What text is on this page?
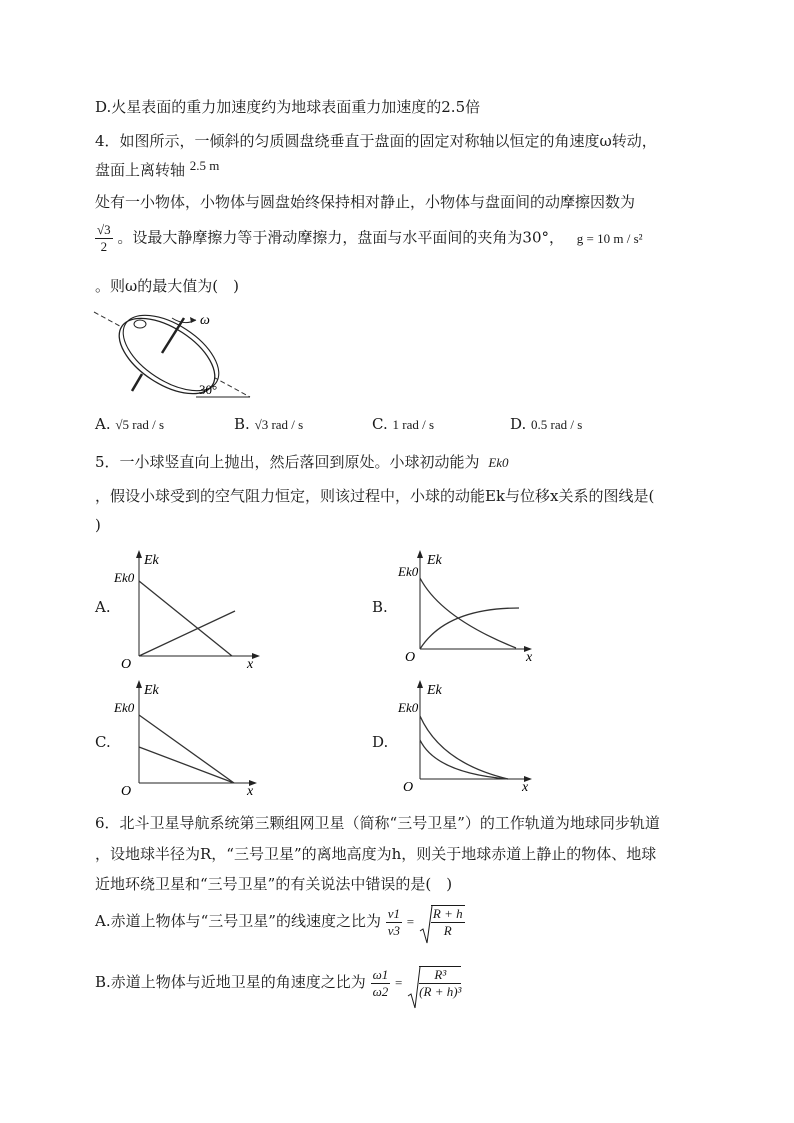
D.火星表面的重力加速度约为地球表面重力加速度的2.5倍
4．如图所示，一倾斜的匀质圆盘绕垂直于盘面的固定对称轴以恒定的角速度ω转动，
盘面上离转轴 2.5 m
处有一小物体，小物体与圆盘始终保持相对静止，小物体与盘面间的动摩擦因数为
$\frac{√3}{2}$ 。设最大静摩擦力等于滑动摩擦力，盘面与水平面间的夹角为30°， g = 10 m / s²
。则ω的最大值为(　)
ω
30°
A. √5 rad / s	B. √3 rad / s	C. 1 rad / s	D. 0.5 rad / s
5．一小球竖直向上抛出，然后落回到原处。小球初动能为 Ek0
，假设小球受到的空气阻力恒定，则该过程中，小球的动能Ek与位移x关系的图线是(
)
A.
Ek
Ek0
O	x
B.
Ek
Ek0
O	x
C.
Ek
Ek0
O	x
D.
Ek
Ek0
O	x
6．北斗卫星导航系统第三颗组网卫星（简称“三号卫星”）的工作轨道为地球同步轨道
，设地球半径为R，“三号卫星”的离地高度为h，则关于地球赤道上静止的物体、地球
近地环绕卫星和“三号卫星”的有关说法中错误的是(　)
A.赤道上物体与“三号卫星”的线速度之比为 $\frac{v1}{v3} = \frac{R + h}{R}$
B.赤道上物体与近地卫星的角速度之比为 $\frac{\omega 1}{\omega 2} = \frac{\text{R³}}{\text{(R + h)³}}$
